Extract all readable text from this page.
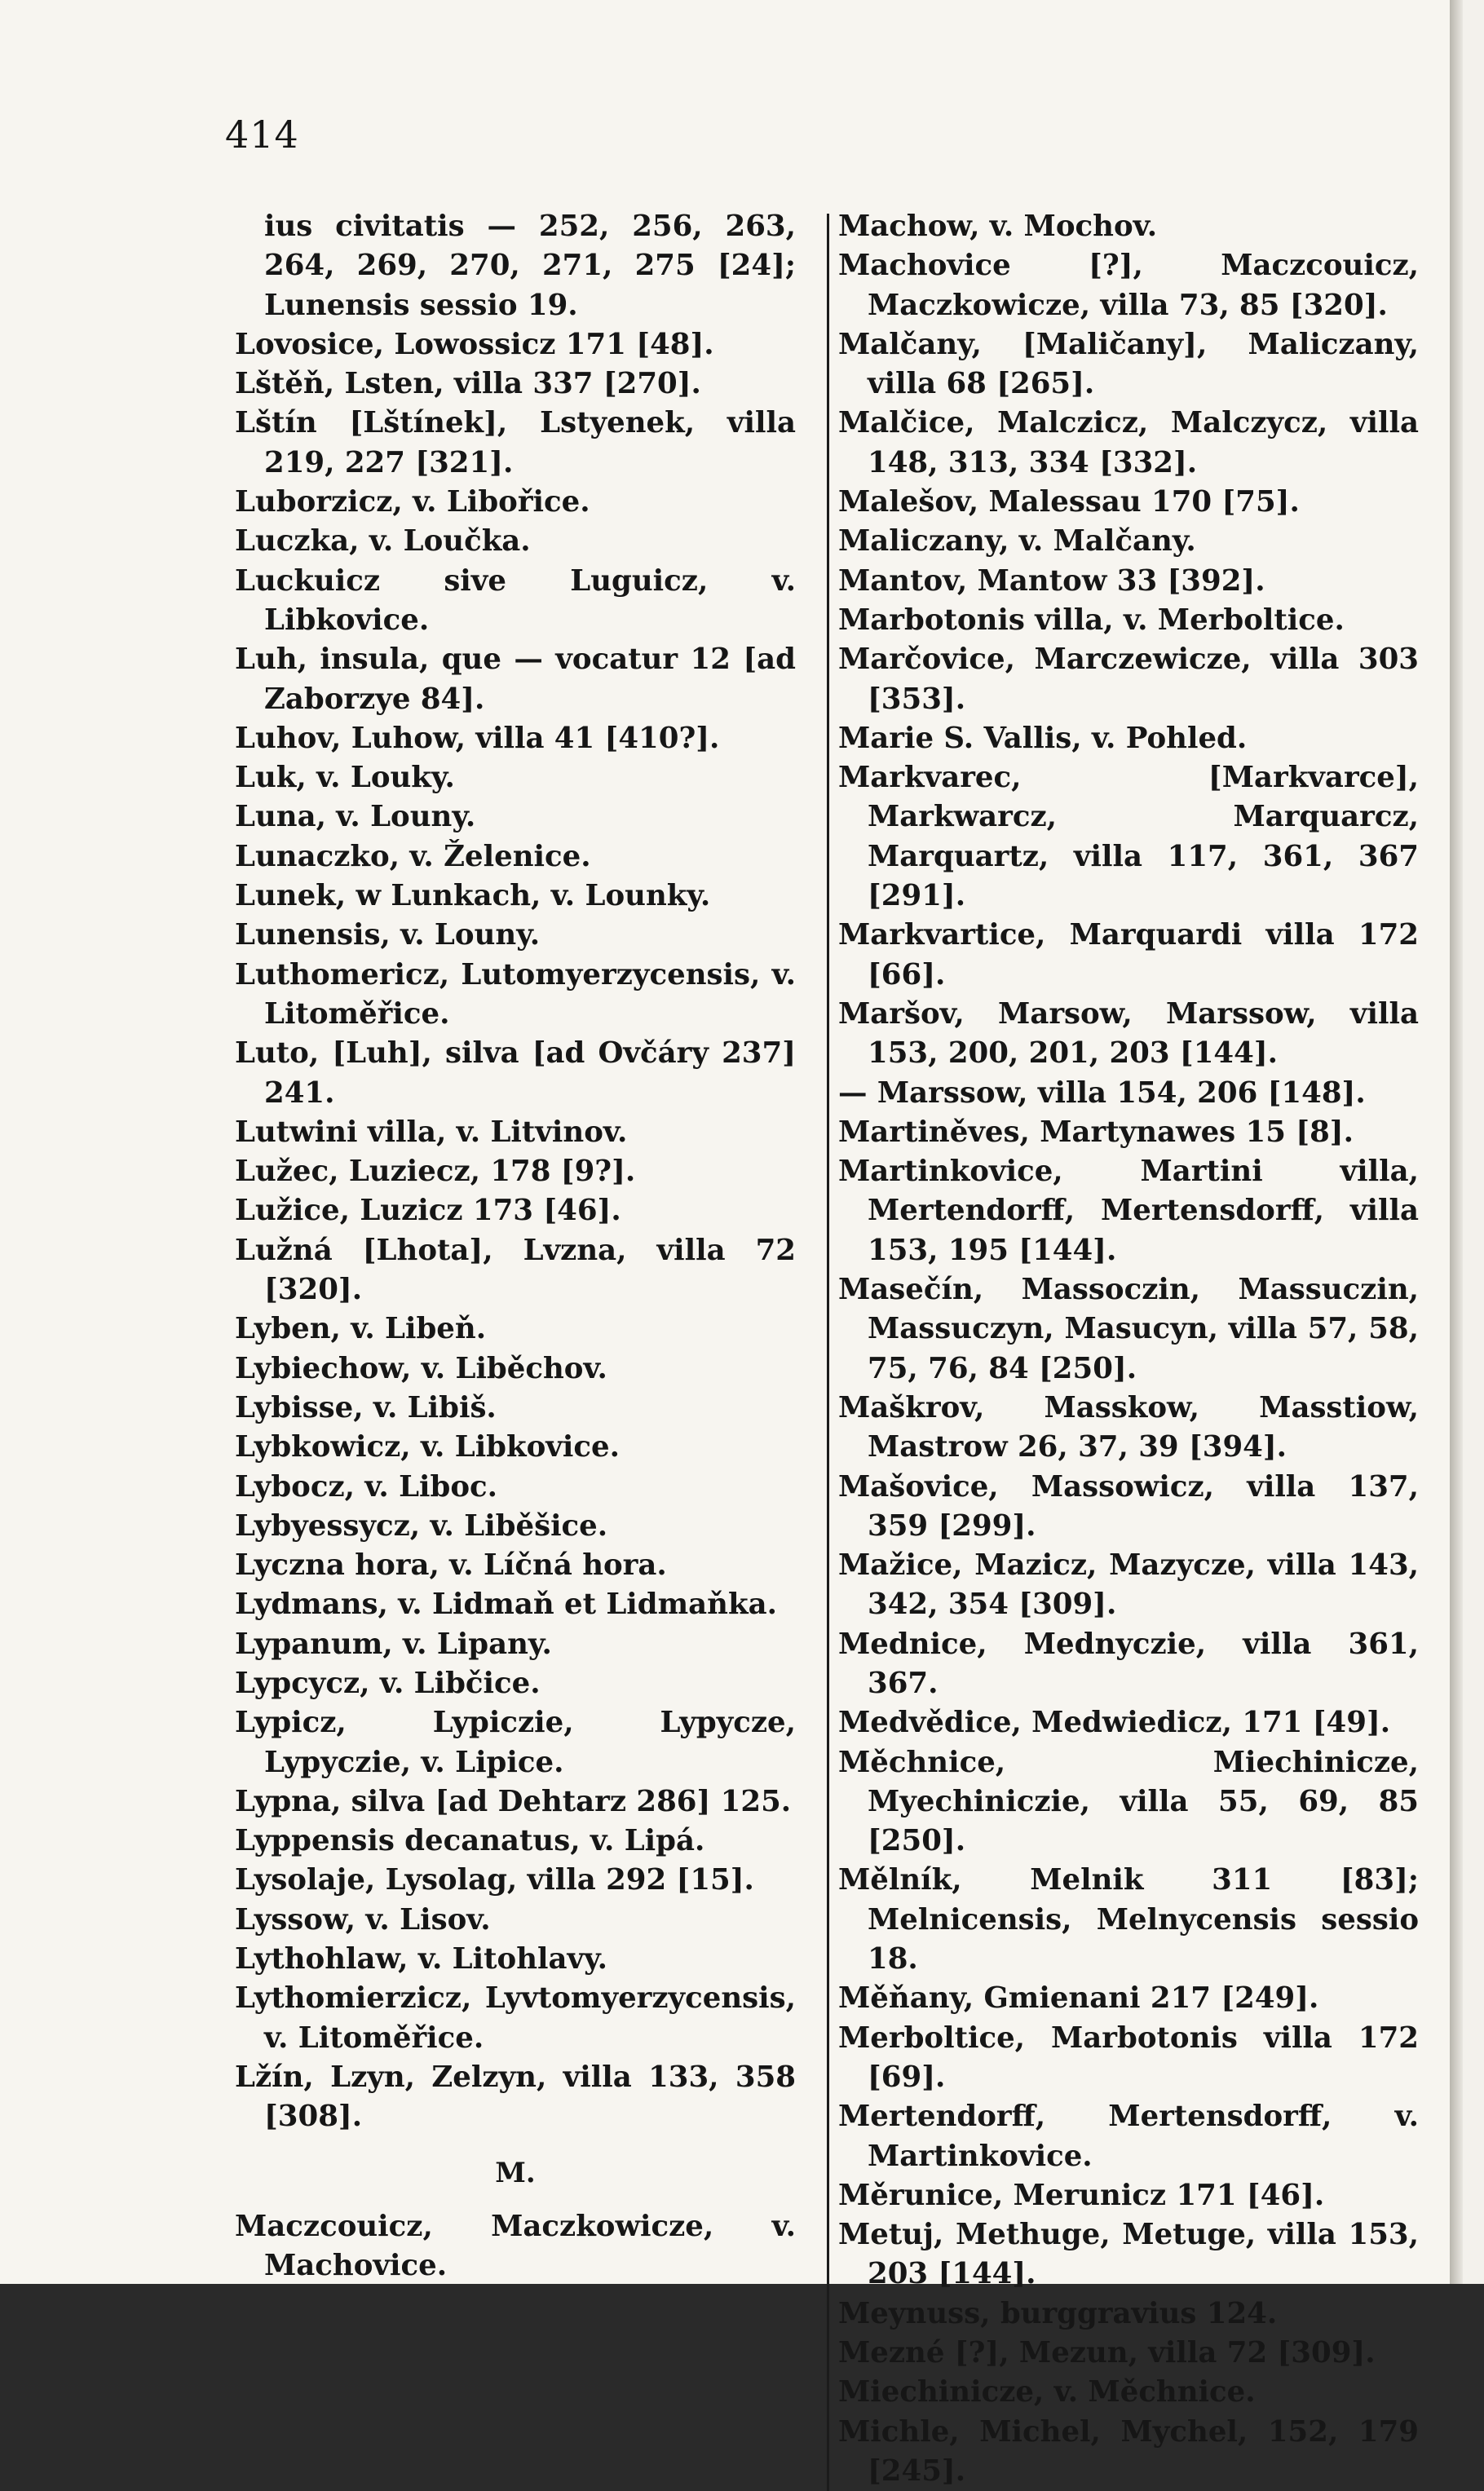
414

ius civitatis — 252, 256, 263, 264, 269, 270, 271, 275 [24]; Lunensis sessio 19.

Lovosice, Lowossicz 171 [48].

Lštěň, Lsten, villa 337 [270].

Lštín [Lštínek], Lstyenek, villa 219, 227 [321].

Luborzicz, v. Libořice.

Luczka, v. Loučka.

Luckuicz sive Luguicz, v. Libkovice.

Luh, insula, que — vocatur 12 [ad Zaborzye 84].

Luhov, Luhow, villa 41 [410?].

Luk, v. Louky.

Luna, v. Louny.

Lunaczko, v. Želenice.

Lunek, w Lunkach, v. Lounky.

Lunensis, v. Louny.

Luthomericz, Lutomyerzycensis, v. Litoměřice.

Luto, [Luh], silva [ad Ovčáry 237] 241.

Lutwini villa, v. Litvinov.

Lužec, Luziecz, 178 [9?].

Lužice, Luzicz 173 [46].

Lužná [Lhota], Lvzna, villa 72 [320].

Lyben, v. Libeň.

Lybiechow, v. Liběchov.

Lybisse, v. Libiš.

Lybkowicz, v. Libkovice.

Lybocz, v. Liboc.

Lybyessycz, v. Liběšice.

Lyczna hora, v. Líčná hora.

Lydmans, v. Lidmaň et Lidmaňka.

Lypanum, v. Lipany.

Lypcycz, v. Libčice.

Lypicz, Lypiczie, Lypycze, Lypyczie, v. Lipice.

Lypna, silva [ad Dehtarz 286] 125.

Lyppensis decanatus, v. Lipá.

Lysolaje, Lysolag, villa 292 [15].

Lyssow, v. Lisov.

Lythohlaw, v. Litohlavy.

Lythomierzicz, Lyvtomyerzycensis, v. Litoměřice.

Lžín, Lzyn, Zelzyn, villa 133, 358 [308].

M.

Maczcouicz, Maczkowicze, v. Machovice.

Machow, v. Mochov.

Machovice [?], Maczcouicz, Maczkowicze, villa 73, 85 [320].

Malčany, [Maličany], Maliczany, villa 68 [265].

Malčice, Malczicz, Malczycz, villa 148, 313, 334 [332].

Malešov, Malessau 170 [75].

Maliczany, v. Malčany.

Mantov, Mantow 33 [392].

Marbotonis villa, v. Merboltice.

Marčovice, Marczewicze, villa 303 [353].

Marie S. Vallis, v. Pohled.

Markvarec, [Markvarce], Markwarcz, Marquarcz, Marquartz, villa 117, 361, 367 [291].

Markvartice, Marquardi villa 172 [66].

Maršov, Marsow, Marssow, villa 153, 200, 201, 203 [144].

— Marssow, villa 154, 206 [148].

Martiněves, Martynawes 15 [8].

Martinkovice, Martini villa, Mertendorff, Mertensdorff, villa 153, 195 [144].

Masečín, Massoczin, Massuczin, Massuczyn, Masucyn, villa 57, 58, 75, 76, 84 [250].

Maškrov, Masskow, Masstiow, Mastrow 26, 37, 39 [394].

Mašovice, Massowicz, villa 137, 359 [299].

Mažice, Mazicz, Mazycze, villa 143, 342, 354 [309].

Mednice, Mednyczie, villa 361, 367.

Medvědice, Medwiedicz, 171 [49].

Měchnice, Miechinicze, Myechiniczie, villa 55, 69, 85 [250].

Mělník, Melnik 311 [83]; Melnicensis, Melnycensis sessio 18.

Měňany, Gmienani 217 [249].

Merboltice, Marbotonis villa 172 [69].

Mertendorff, Mertensdorff, v. Martinkovice.

Měrunice, Merunicz 171 [46].

Metuj, Methuge, Metuge, villa 153, 203 [144].

Meynuss, burggravius 124.

Mezné [?], Mezun, villa 72 [309].

Miechinicze, v. Měchnice.

Michle, Michel, Mychel, 152, 179 [245].
